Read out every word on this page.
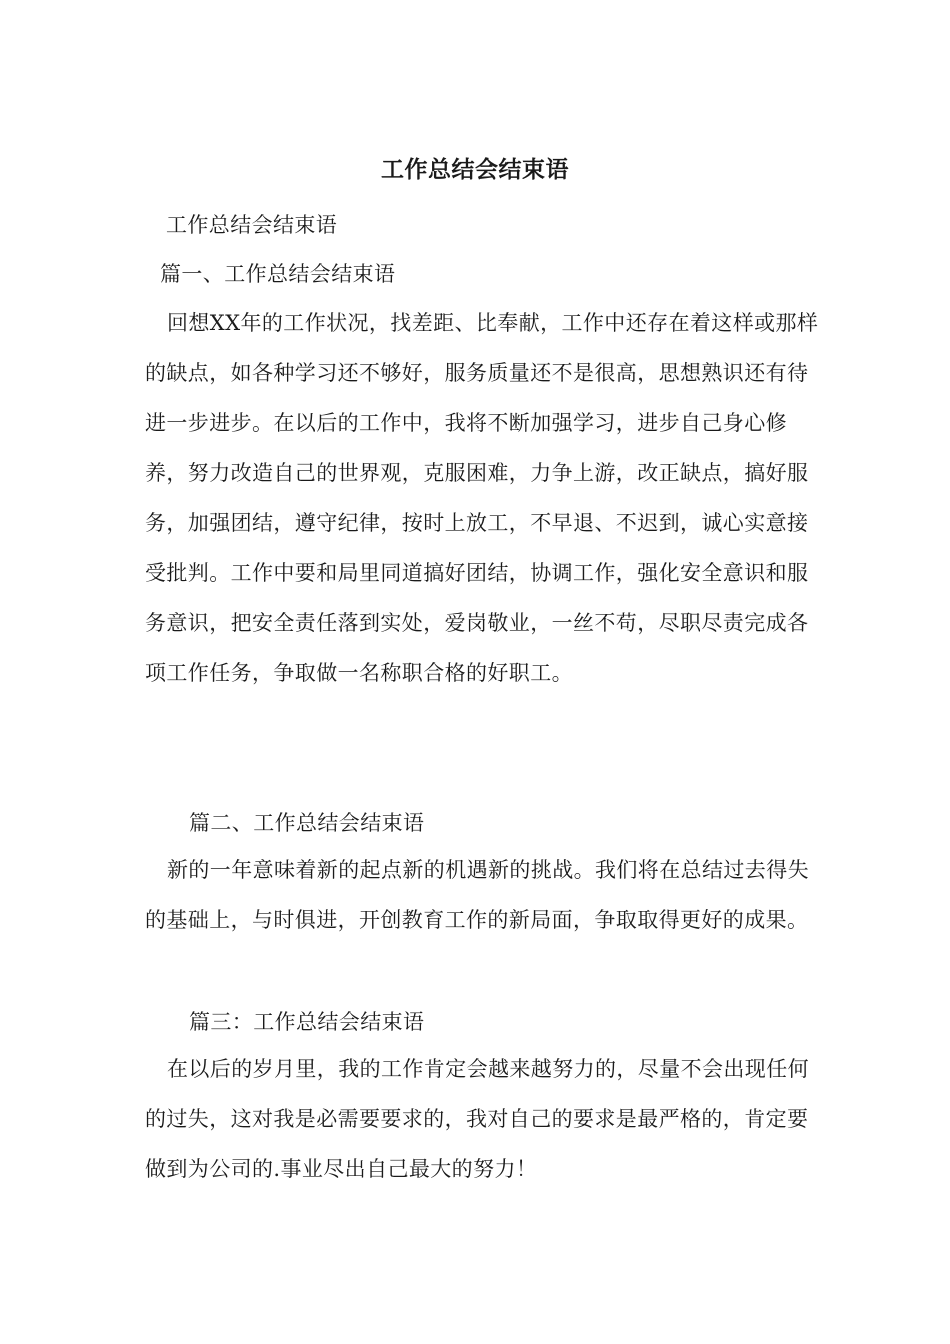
工作总结会结束语
工作总结会结束语
篇一、工作总结会结束语

回想XX年的工作状况，找差距、比奉献，工作中还存在着这样或那样的缺点，如各种学习还不够好，服务质量还不是很高，思想熟识还有待进一步进步。在以后的工作中，我将不断加强学习，进步自己身心修养，努力改造自己的世界观，克服困难，力争上游，改正缺点，搞好服务，加强团结，遵守纪律，按时上放工，不早退、不迟到，诚心实意接受批判。工作中要和局里同道搞好团结，协调工作，强化安全意识和服务意识，把安全责任落到实处，爱岗敬业，一丝不苟，尽职尽责完成各项工作任务，争取做一名称职合格的好职工。

篇二、工作总结会结束语

新的一年意味着新的起点新的机遇新的挑战。我们将在总结过去得失的基础上，与时俱进，开创教育工作的新局面，争取取得更好的成果。

篇三：工作总结会结束语

在以后的岁月里，我的工作肯定会越来越努力的，尽量不会出现任何的过失，这对我是必需要要求的，我对自己的要求是最严格的，肯定要做到为公司的.事业尽出自己最大的努力！
